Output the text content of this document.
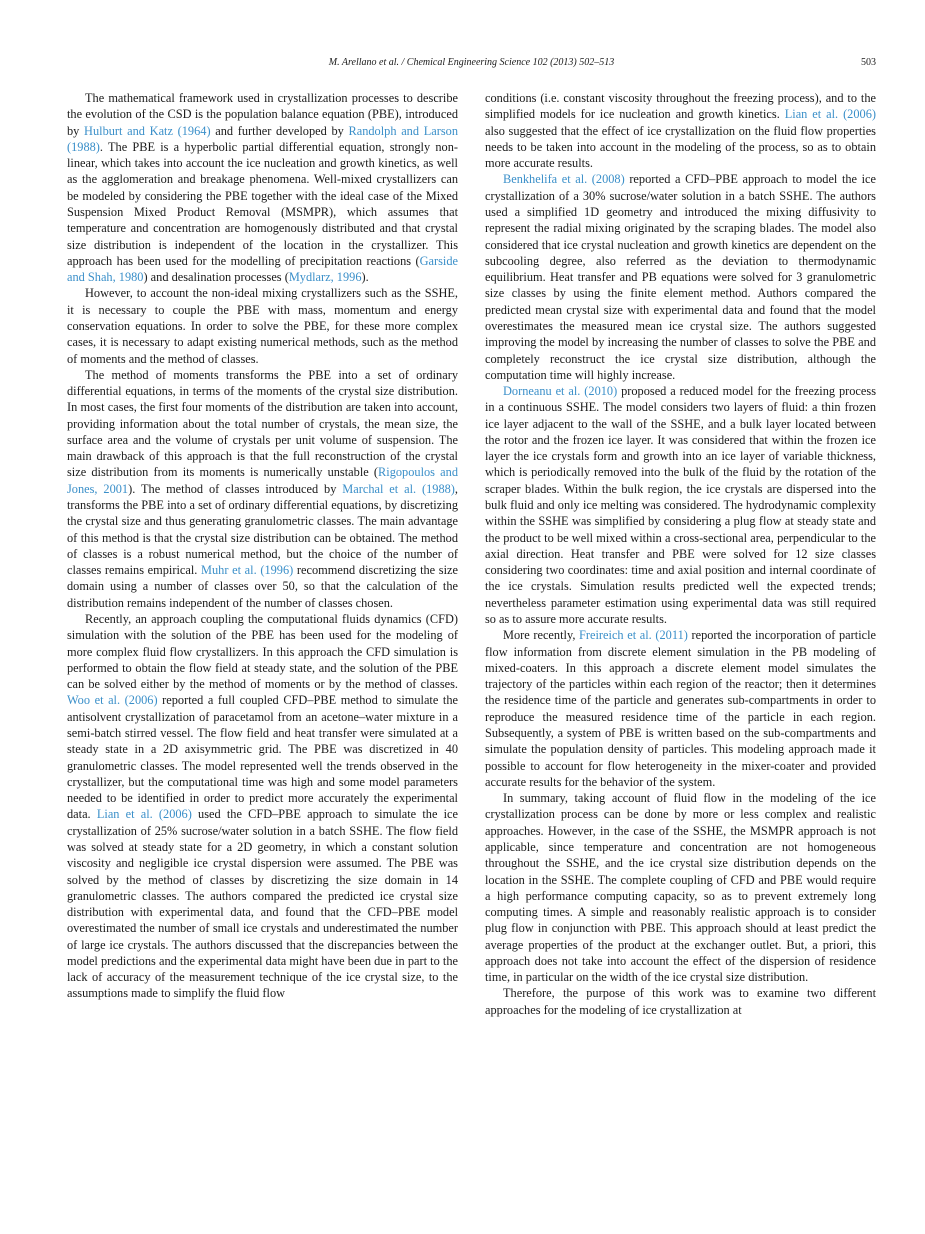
M. Arellano et al. / Chemical Engineering Science 102 (2013) 502–513	503

The mathematical framework used in crystallization processes to describe the evolution of the CSD is the population balance equation (PBE), introduced by Hulburt and Katz (1964) and further developed by Randolph and Larson (1988). The PBE is a hyperbolic partial differential equation, strongly non-linear, which takes into account the ice nucleation and growth kinetics, as well as the agglomeration and breakage phenomena. Well-mixed crystallizers can be modeled by considering the PBE together with the ideal case of the Mixed Suspension Mixed Product Removal (MSMPR), which assumes that temperature and concentration are homogenously distributed and that crystal size distribution is independent of the location in the crystallizer. This approach has been used for the modelling of precipitation reactions (Garside and Shah, 1980) and desalination processes (Mydlarz, 1996).

However, to account the non-ideal mixing crystallizers such as the SSHE, it is necessary to couple the PBE with mass, momentum and energy conservation equations. In order to solve the PBE, for these more complex cases, it is necessary to adapt existing numerical methods, such as the method of moments and the method of classes.

The method of moments transforms the PBE into a set of ordinary differential equations, in terms of the moments of the crystal size distribution. In most cases, the first four moments of the distribution are taken into account, providing information about the total number of crystals, the mean size, the surface area and the volume of crystals per unit volume of suspension. The main drawback of this approach is that the full reconstruction of the crystal size distribution from its moments is numerically unstable (Rigopoulos and Jones, 2001). The method of classes introduced by Marchal et al. (1988), transforms the PBE into a set of ordinary differential equations, by discretizing the crystal size and thus generating granulometric classes. The main advantage of this method is that the crystal size distribution can be obtained. The method of classes is a robust numerical method, but the choice of the number of classes remains empirical. Muhr et al. (1996) recommend discretizing the size domain using a number of classes over 50, so that the calculation of the distribution remains independent of the number of classes chosen.

Recently, an approach coupling the computational fluids dynamics (CFD) simulation with the solution of the PBE has been used for the modeling of more complex fluid flow crystallizers. In this approach the CFD simulation is performed to obtain the flow field at steady state, and the solution of the PBE can be solved either by the method of moments or by the method of classes. Woo et al. (2006) reported a full coupled CFD–PBE method to simulate the antisolvent crystallization of paracetamol from an acetone–water mixture in a semi-batch stirred vessel. The flow field and heat transfer were simulated at a steady state in a 2D axisymmetric grid. The PBE was discretized in 40 granulometric classes. The model represented well the trends observed in the crystallizer, but the computational time was high and some model parameters needed to be identified in order to predict more accurately the experimental data. Lian et al. (2006) used the CFD–PBE approach to simulate the ice crystallization of 25% sucrose/water solution in a batch SSHE. The flow field was solved at steady state for a 2D geometry, in which a constant solution viscosity and negligible ice crystal dispersion were assumed. The PBE was solved by the method of classes by discretizing the size domain in 14 granulometric classes. The authors compared the predicted ice crystal size distribution with experimental data, and found that the CFD–PBE model overestimated the number of small ice crystals and underestimated the number of large ice crystals. The authors discussed that the discrepancies between the model predictions and the experimental data might have been due in part to the lack of accuracy of the measurement technique of the ice crystal size, to the assumptions made to simplify the fluid flow

conditions (i.e. constant viscosity throughout the freezing process), and to the simplified models for ice nucleation and growth kinetics. Lian et al. (2006) also suggested that the effect of ice crystallization on the fluid flow properties needs to be taken into account in the modeling of the process, so as to obtain more accurate results.

Benkhelifa et al. (2008) reported a CFD–PBE approach to model the ice crystallization of a 30% sucrose/water solution in a batch SSHE. The authors used a simplified 1D geometry and introduced the mixing diffusivity to represent the radial mixing originated by the scraping blades. The model also considered that ice crystal nucleation and growth kinetics are dependent on the subcooling degree, also referred as the deviation to thermodynamic equilibrium. Heat transfer and PB equations were solved for 3 granulometric size classes by using the finite element method. Authors compared the predicted mean crystal size with experimental data and found that the model overestimates the measured mean ice crystal size. The authors suggested improving the model by increasing the number of classes to solve the PBE and completely reconstruct the ice crystal size distribution, although the computation time will highly increase.

Dorneanu et al. (2010) proposed a reduced model for the freezing process in a continuous SSHE. The model considers two layers of fluid: a thin frozen ice layer adjacent to the wall of the SSHE, and a bulk layer located between the rotor and the frozen ice layer. It was considered that within the frozen ice layer the ice crystals form and growth into an ice layer of variable thickness, which is periodically removed into the bulk of the fluid by the rotation of the scraper blades. Within the bulk region, the ice crystals are dispersed into the bulk fluid and only ice melting was considered. The hydrodynamic complexity within the SSHE was simplified by considering a plug flow at steady state and the product to be well mixed within a cross-sectional area, perpendicular to the axial direction. Heat transfer and PBE were solved for 12 size classes considering two coordinates: time and axial position and internal coordinate of the ice crystals. Simulation results predicted well the expected trends; nevertheless parameter estimation using experimental data was still required so as to assure more accurate results.

More recently, Freireich et al. (2011) reported the incorporation of particle flow information from discrete element simulation in the PB modeling of mixed-coaters. In this approach a discrete element model simulates the trajectory of the particles within each region of the reactor; then it determines the residence time of the particle and generates sub-compartments in order to reproduce the measured residence time of the particle in each region. Subsequently, a system of PBE is written based on the sub-compartments and simulate the population density of particles. This modeling approach made it possible to account for flow heterogeneity in the mixer-coater and provided accurate results for the behavior of the system.

In summary, taking account of fluid flow in the modeling of the ice crystallization process can be done by more or less complex and realistic approaches. However, in the case of the SSHE, the MSMPR approach is not applicable, since temperature and concentration are not homogeneous throughout the SSHE, and the ice crystal size distribution depends on the location in the SSHE. The complete coupling of CFD and PBE would require a high performance computing capacity, so as to prevent extremely long computing times. A simple and reasonably realistic approach is to consider plug flow in conjunction with PBE. This approach should at least predict the average properties of the product at the exchanger outlet. But, a priori, this approach does not take into account the effect of the dispersion of residence time, in particular on the width of the ice crystal size distribution.

Therefore, the purpose of this work was to examine two different approaches for the modeling of ice crystallization at
